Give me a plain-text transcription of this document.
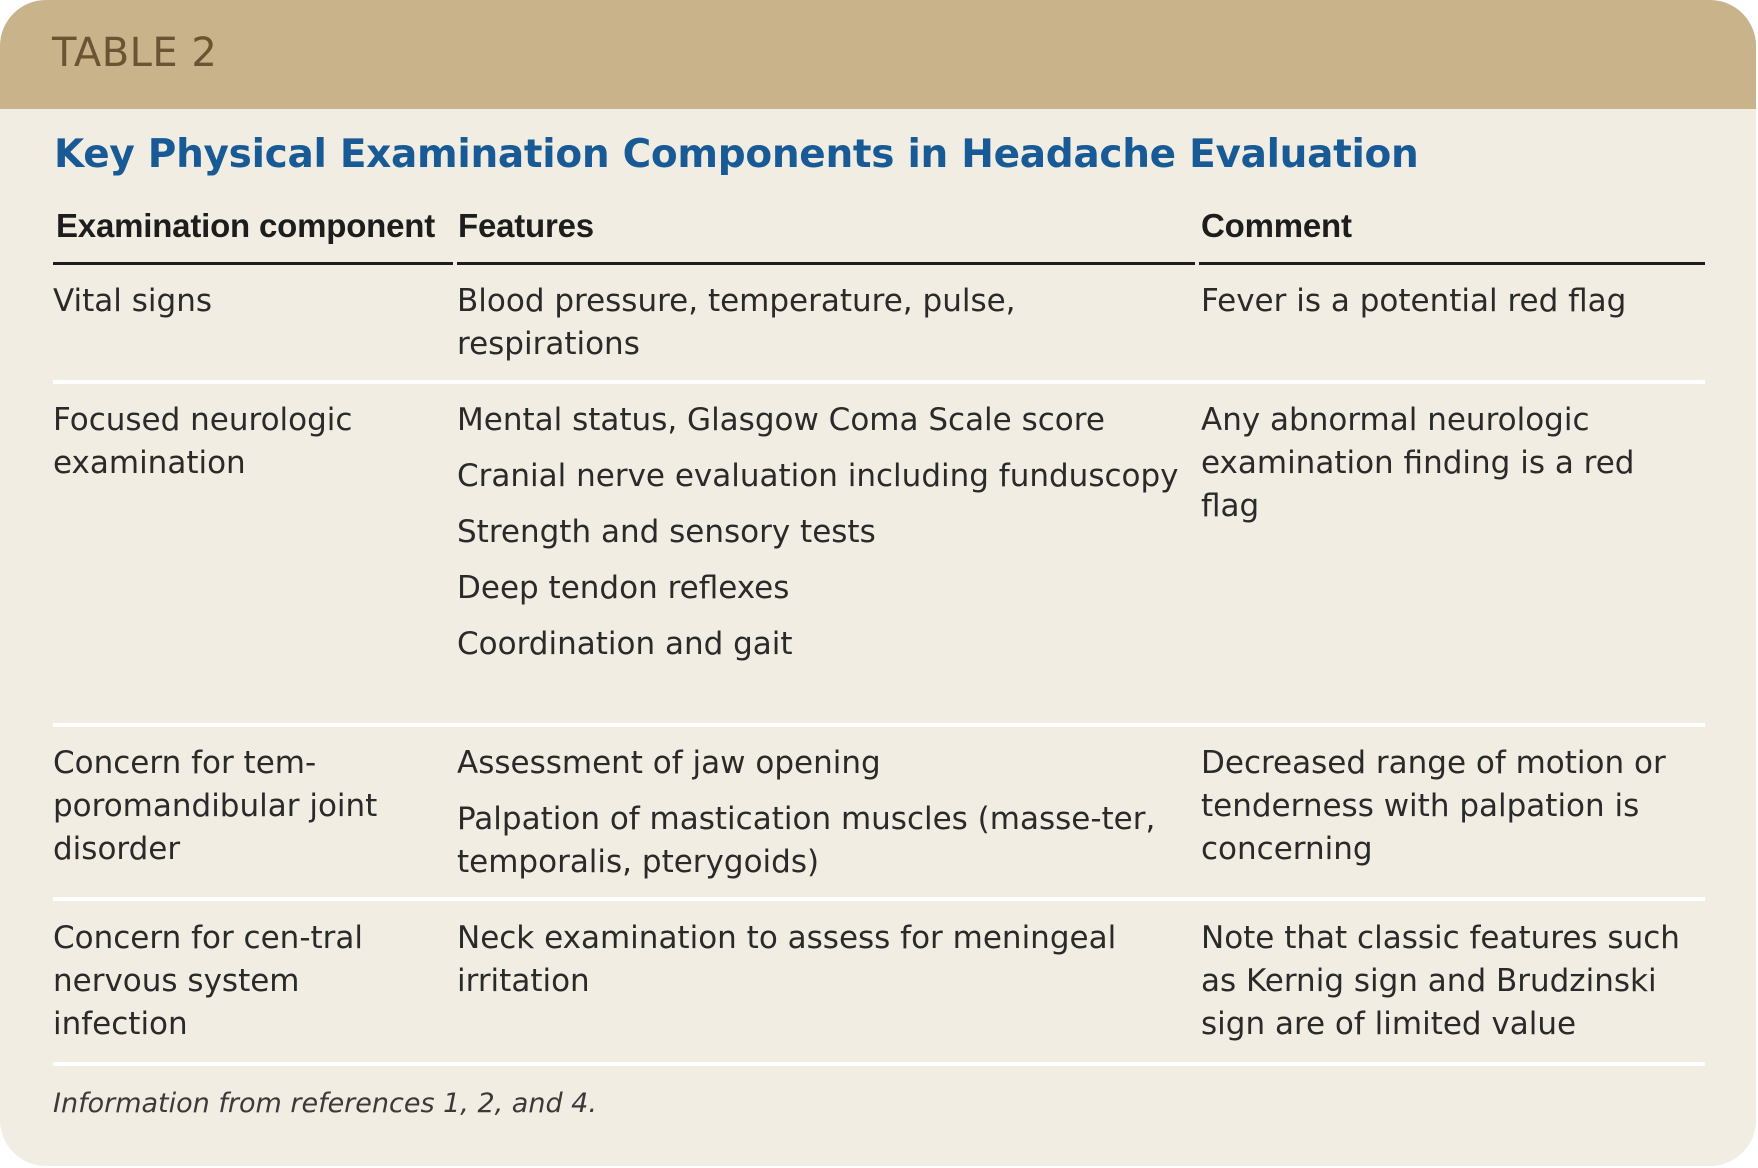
TABLE 2
Key Physical Examination Components in Headache Evaluation
Examination component Features	Comment
Vital signs	Blood pressure, temperature, pulse, respirations
Fever is a potential red flag
Focused neurologic examination
Mental status, Glasgow Coma Scale score
Cranial nerve evaluation including funduscopy
Strength and sensory tests
Deep tendon reflexes
Coordination and gait
Any abnormal neurologic examination finding is a red flag
Concern for tem-poromandibular joint disorder
Assessment of jaw opening
Palpation of mastication muscles (masse-ter, temporalis, pterygoids)
Decreased range of motion or tenderness with palpation is concerning
Concern for cen-tral nervous system infection
Neck examination to assess for meningeal irritation
Note that classic features such as Kernig sign and Brudzinski sign are of limited value
Information from references 1, 2, and 4.
